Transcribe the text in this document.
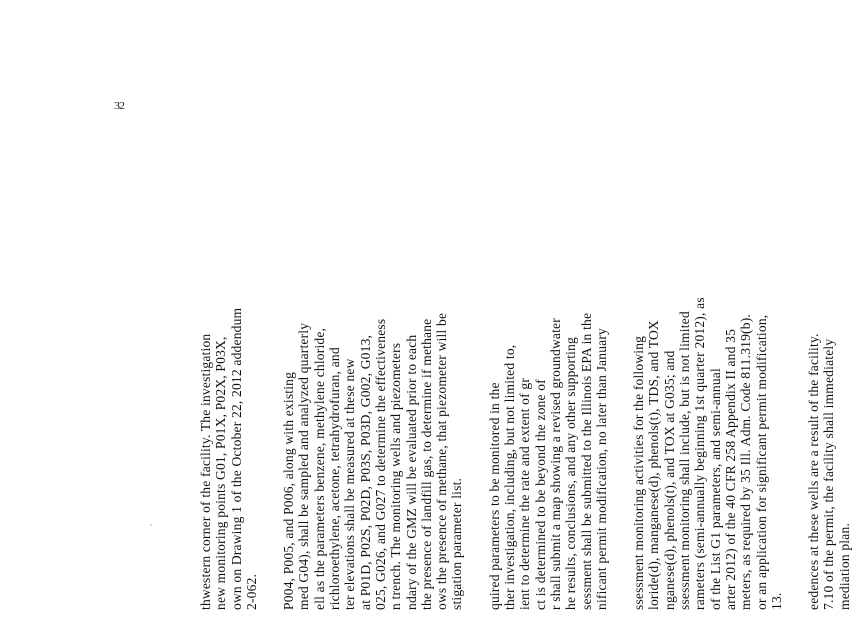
32
thwestern corner of the facility. The investigation new monitoring points G01, P01X, P02X, P03X, own on Drawing 1 of the October 22, 2012 addendum 2-062. P004, P005, and P006, along with existing med G04), shall be sampled and analyzed quarterly ell as the parameters benzene, methylene chloride, richloroethylene, acetone, tetrahydrofuran, and ter elevations shall be measured at these new at P01D, P02S, P02D, P03S, P03D, G002, G013, 025, G026, and G027 to determine the effectiveness n trench. The monitoring wells and piezometers ndary of the GMZ will be evaluated prior to each the presence of landfill gas, to determine if methane ows the presence of methane, that piezometer will be stigation parameter list. quired parameters to be monitored in the ther investigation, including, but not limited to, ient to determine the rate and extent of gr ct is determined to be beyond the zone of r shall submit a map showing a revised groundwater he results, conclusions, and any other supporting sessment shall be submitted to the Illinois EPA in the nificant permit modification, no later than January ssessment monitoring activities for the following loride(d), manganese(d), phenols(t), TDS, and TOX nganese(d), phenols(t), and TOX at G035; and ssessment monitoring shall include, but is not limited rameters (semi-annually beginning 1st quarter 2012), as of the List G1 parameters, and semi-annual arter 2012) of the 40 CFR 258 Appendix II and 35 meters, as required by 35 Ill. Adm. Code 811.319(b). or an application for significant permit modification, 13. eedences at these wells are a result of the facility. 7.10 of the permit, the facility shall immediately mediation plan.
